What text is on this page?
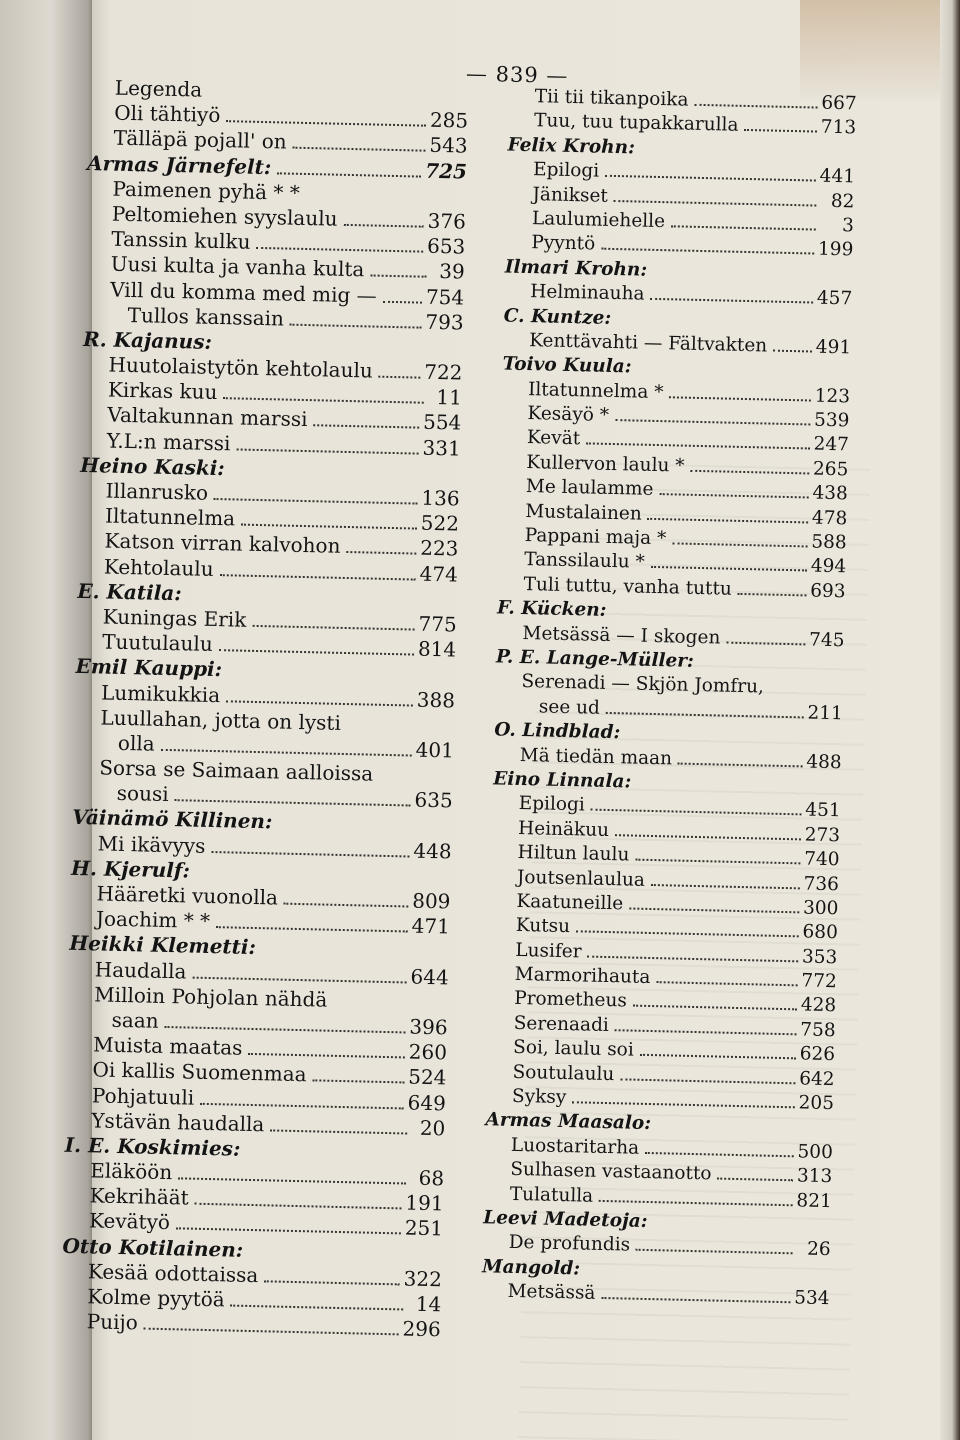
— 839 —
Legenda
Oli tähtiyö	285
Tälläpä pojall' on	543
Armas Järnefelt:	725
Paimenen pyhä * *
Peltomiehen syyslaulu	376
Tanssin kulku	653
Uusi kulta ja vanha kulta	39
Vill du komma med mig — 754
Tullos kanssain	793
R. Kajanus:
Huutolaistytön kehtolaulu	722
Kirkas kuu	11
Valtakunnan marssi	554
Y.L:n marssi	331
Heino Kaski:
Illanrusko	136
Iltatunnelma	522
Katson virran kalvohon	223
Kehtolaulu	474
E. Katila:
Kuningas Erik	775
Tuutulaulu	814
Emil Kauppi:
Lumikukkia	388
Luullahan, jotta on lysti
olla	401
Sorsa se Saimaan aalloissa
sousi	635
Väinämö Killinen:
Mi ikävyys	448
H. Kjerulf:
Hääretki vuonolla	809
Joachim * *	471
Heikki Klemetti:
Haudalla	644
Milloin Pohjolan nähdä
saan	396
Muista maatas	260
Oi kallis Suomenmaa	524
Pohjatuuli	649
Ystävän haudalla	20
I. E. Koskimies:
Eläköön	68
Kekrihäät	191
Kevätyö	251
Otto Kotilainen:
Kesää odottaissa	322
Kolme pyytöä	14
Puijo	296
Tii tii tikanpoika	667
Tuu, tuu tupakkarulla	713
Felix Krohn:
Epilogi	441
Jänikset	82
Laulumiehelle	3
Pyyntö	199
Ilmari Krohn:
Helminauha	457
C. Kuntze:
Kenttävahti — Fältvakten	491
Toivo Kuula:
Iltatunnelma *	123
Kesäyö *	539
Kevät	247
Kullervon laulu *	265
Me laulamme	438
Mustalainen	478
Pappani maja *	588
Tanssilaulu *	494
Tuli tuttu, vanha tuttu	693
F. Kücken:
Metsässä — I skogen	745
P. E. Lange-Müller:
Serenadi — Skjön Jomfru,
see ud	211
O. Lindblad:
Mä tiedän maan	488
Eino Linnala:
Epilogi	451
Heinäkuu	273
Hiltun laulu	740
Joutsenlaulua	736
Kaatuneille	300
Kutsu	680
Lusifer	353
Marmorihauta	772
Prometheus	428
Serenaadi	758
Soi, laulu soi	626
Soutulaulu	642
Syksy	205
Armas Maasalo:
Luostaritarha	500
Sulhasen vastaanotto	313
Tulatulla	821
Leevi Madetoja:
De profundis	26
Mangold:
Metsässä	534
